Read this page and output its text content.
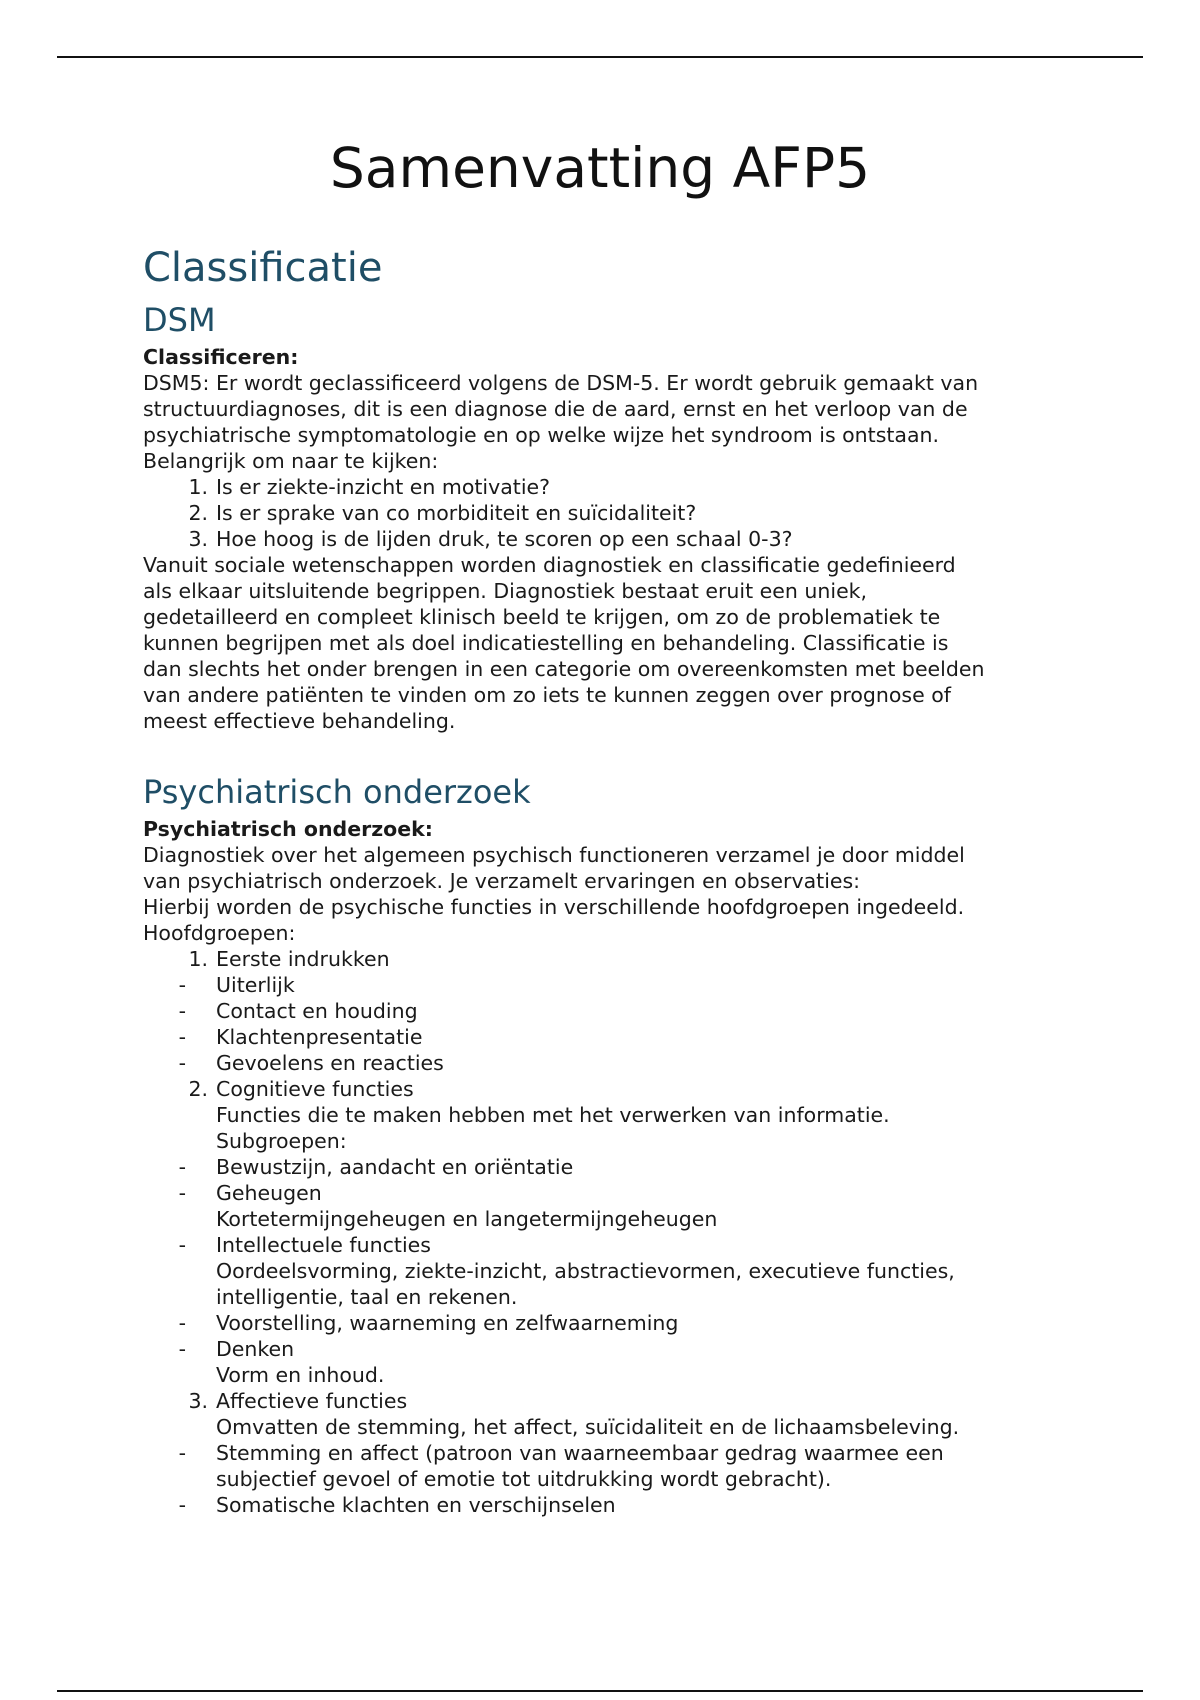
Samenvatting AFP5
Classificatie
DSM

Classificeren:

DSM5: Er wordt geclassificeerd volgens de DSM-5. Er wordt gebruik gemaakt van

structuurdiagnoses, dit is een diagnose die de aard, ernst en het verloop van de

psychiatrische symptomatologie en op welke wijze het syndroom is ontstaan.

Belangrijk om naar te kijken:

1. Is er ziekte-inzicht en motivatie?
2. Is er sprake van co morbiditeit en suïcidaliteit?
3. Hoe hoog is de lijden druk, te scoren op een schaal 0-3?

Vanuit sociale wetenschappen worden diagnostiek en classificatie gedefinieerd

als elkaar uitsluitende begrippen. Diagnostiek bestaat eruit een uniek,

gedetailleerd en compleet klinisch beeld te krijgen, om zo de problematiek te

kunnen begrijpen met als doel indicatiestelling en behandeling. Classificatie is

dan slechts het onder brengen in een categorie om overeenkomsten met beelden

van andere patiënten te vinden om zo iets te kunnen zeggen over prognose of

meest effectieve behandeling.

Psychiatrisch onderzoek

Psychiatrisch onderzoek:

Diagnostiek over het algemeen psychisch functioneren verzamel je door middel

van psychiatrisch onderzoek. Je verzamelt ervaringen en observaties:

Hierbij worden de psychische functies in verschillende hoofdgroepen ingedeeld.

Hoofdgroepen:

1. Eerste indrukken
-	Uiterlijk
-	Contact en houding
-	Klachtenpresentatie
-	Gevoelens en reacties
2. Cognitieve functies
Functies die te maken hebben met het verwerken van informatie.
Subgroepen:
-	Bewustzijn, aandacht en oriëntatie
-	Geheugen
Kortetermijngeheugen en langetermijngeheugen
-	Intellectuele functies
Oordeelsvorming, ziekte-inzicht, abstractievormen, executieve functies,
intelligentie, taal en rekenen.
-	Voorstelling, waarneming en zelfwaarneming
-	Denken
Vorm en inhoud.
3. Affectieve functies
Omvatten de stemming, het affect, suïcidaliteit en de lichaamsbeleving.
-	Stemming en affect (patroon van waarneembaar gedrag waarmee een
subjectief gevoel of emotie tot uitdrukking wordt gebracht).
-	Somatische klachten en verschijnselen
